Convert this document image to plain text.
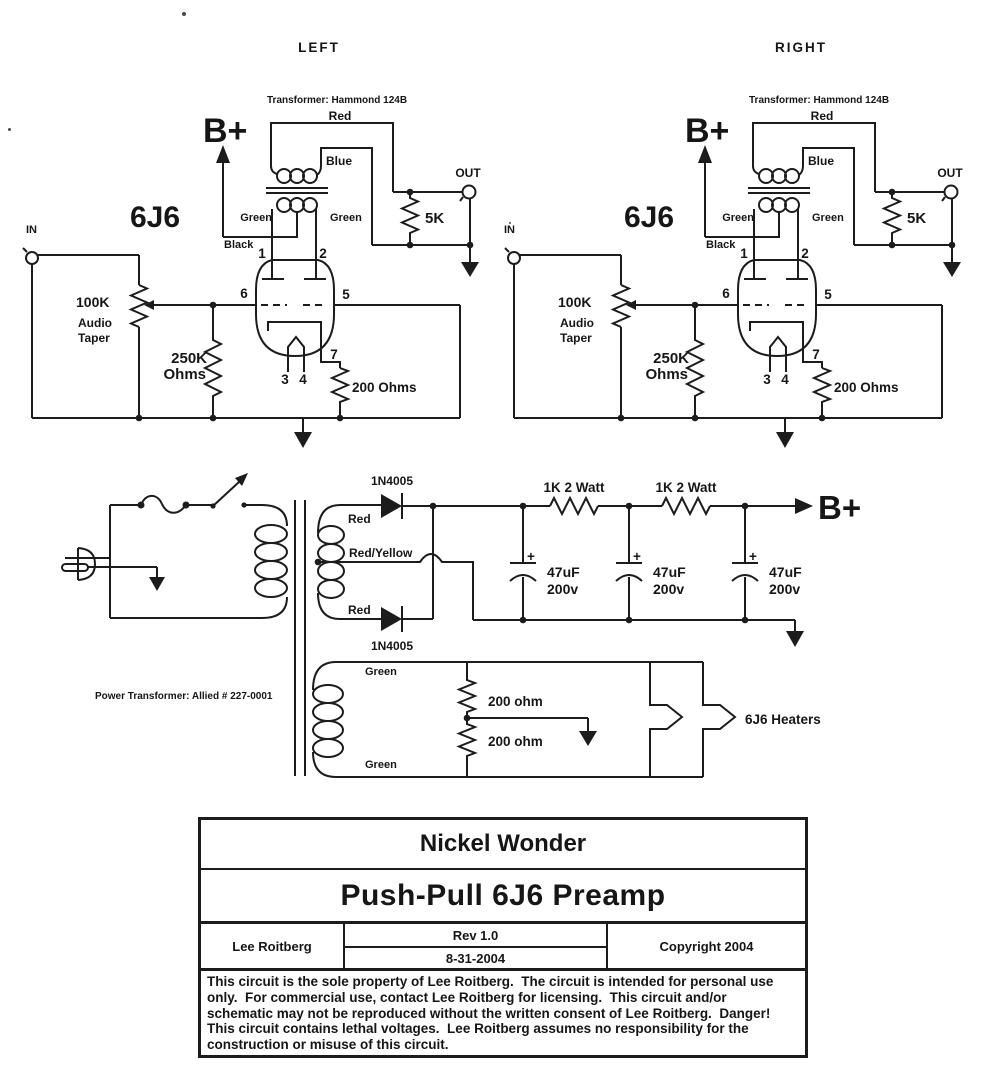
LEFT
Transformer: Hammond 124B
B+
6J6
Red
Blue
OUT
IN
Green	Green
Black
5K
100K
Audio
Taper
250K
Ohms
200 Ohms
1	2
6	5
3 4
7
RIGHT
Transformer: Hammond 124B
B+
6J6
Red
Blue
OUT
IN
Green	Green
Black
5K
100K
Audio
Taper
250K
Ohms
200 Ohms
1	2
6	5
3 4
7
Power Transformer: Allied # 227-0001
1N4005
1N4005
Red
Red/Yellow
Red
Green
Green
1K 2 Watt	1K 2 Watt
B+
+	+	+
47uF
200v
47uF
200v
47uF
200v
200 ohm
200 ohm
6J6 Heaters
Nickel Wonder
Push-Pull 6J6 Preamp
Lee Roitberg
Rev 1.0
8-31-2004
Copyright 2004
This circuit is the sole property of Lee Roitberg.  The circuit is intended for personal use
only.  For commercial use, contact Lee Roitberg for licensing.  This circuit and/or
schematic may not be reproduced without the written consent of Lee Roitberg.  Danger!
This circuit contains lethal voltages.  Lee Roitberg assumes no responsibility for the
construction or misuse of this circuit.
